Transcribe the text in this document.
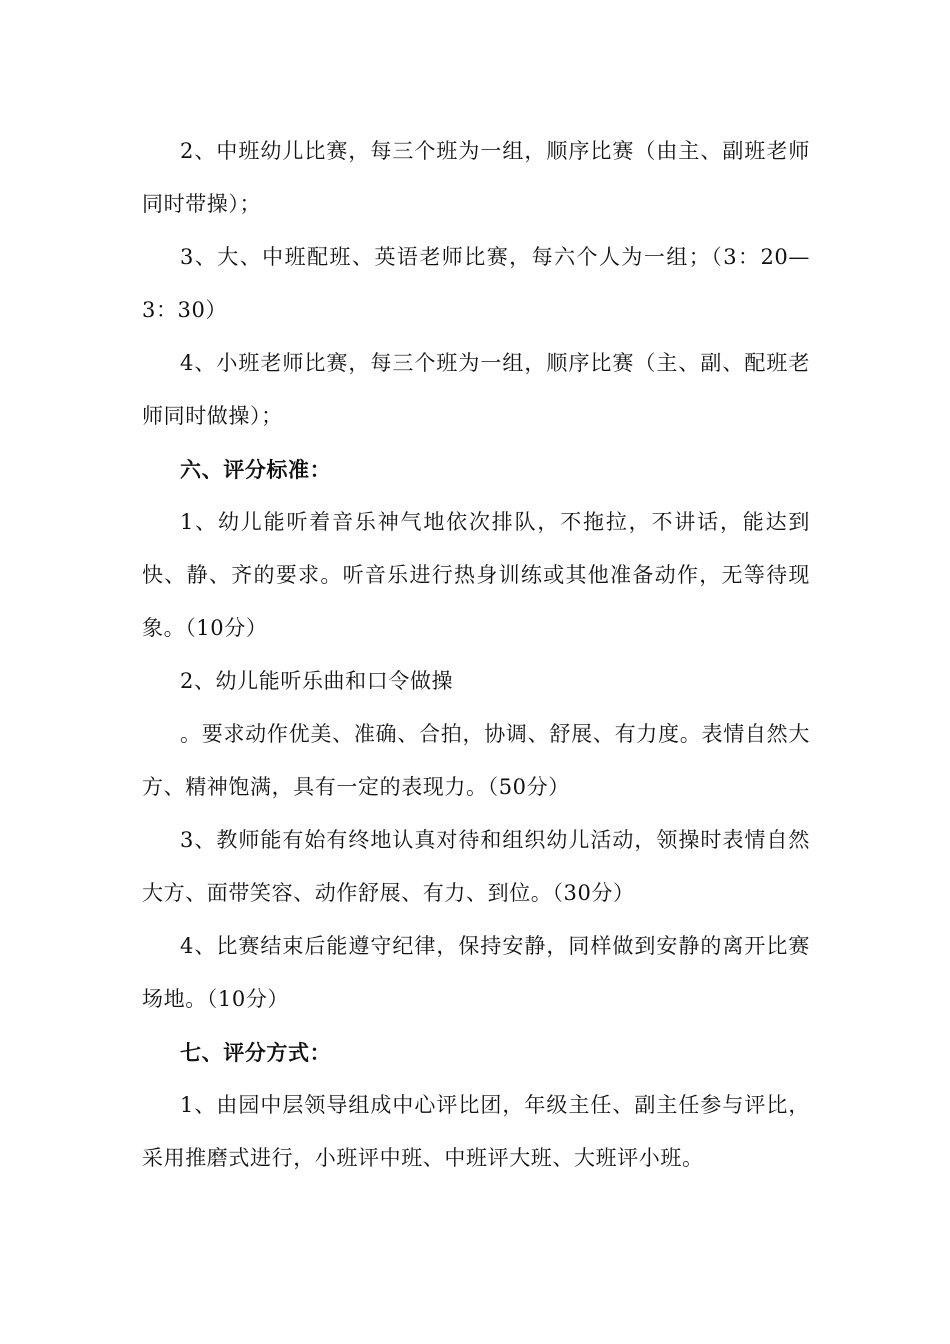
2、中班幼儿比赛，每三个班为一组，顺序比赛（由主、副班老师同时带操）；

3、大、中班配班、英语老师比赛，每六个人为一组；（3：20—3：30）

4、小班老师比赛，每三个班为一组，顺序比赛（主、副、配班老师同时做操）；

六、评分标准：

1、幼儿能听着音乐神气地依次排队，不拖拉，不讲话，能达到快、静、齐的要求。听音乐进行热身训练或其他准备动作，无等待现象。（10分）

2、幼儿能听乐曲和口令做操

。要求动作优美、准确、合拍，协调、舒展、有力度。表情自然大方、精神饱满，具有一定的表现力。（50分）

3、教师能有始有终地认真对待和组织幼儿活动，领操时表情自然大方、面带笑容、动作舒展、有力、到位。（30分）

4、比赛结束后能遵守纪律，保持安静，同样做到安静的离开比赛场地。（10分）

七、评分方式：

1、由园中层领导组成中心评比团，年级主任、副主任参与评比，采用推磨式进行，小班评中班、中班评大班、大班评小班。
